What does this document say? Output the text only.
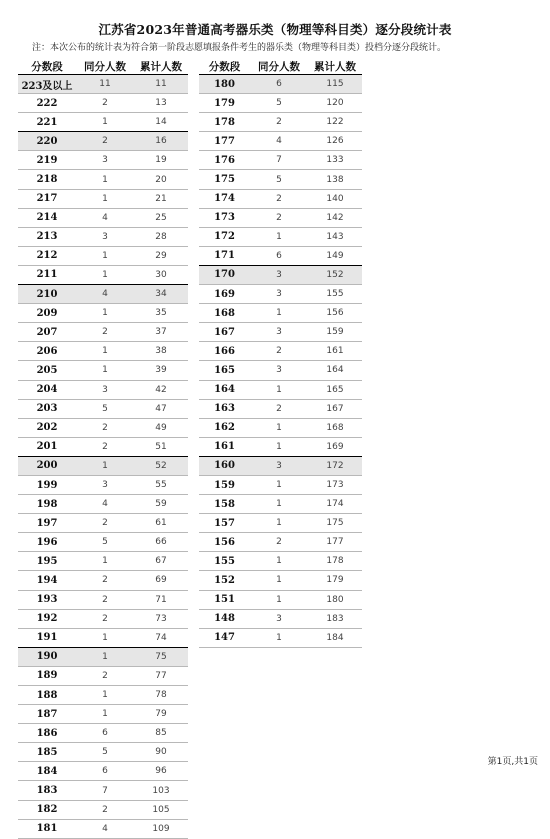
江苏省2023年普通高考器乐类（物理等科目类）逐分段统计表
注：本次公布的统计表为符合第一阶段志愿填报条件考生的器乐类（物理等科目类）投档分逐分段统计。
分数段	同分人数	累计人数
223及以上	11	11
222	2	13
221	1	14
220	2	16
219	3	19
218	1	20
217	1	21
214	4	25
213	3	28
212	1	29
211	1	30
210	4	34
209	1	35
207	2	37
206	1	38
205	1	39
204	3	42
203	5	47
202	2	49
201	2	51
200	1	52
199	3	55
198	4	59
197	2	61
196	5	66
195	1	67
194	2	69
193	2	71
192	2	73
191	1	74
190	1	75
189	2	77
188	1	78
187	1	79
186	6	85
185	5	90
184	6	96
183	7	103
182	2	105
181	4	109
分数段	同分人数	累计人数
180	6	115
179	5	120
178	2	122
177	4	126
176	7	133
175	5	138
174	2	140
173	2	142
172	1	143
171	6	149
170	3	152
169	3	155
168	1	156
167	3	159
166	2	161
165	3	164
164	1	165
163	2	167
162	1	168
161	1	169
160	3	172
159	1	173
158	1	174
157	1	175
156	2	177
155	1	178
152	1	179
151	1	180
148	3	183
147	1	184
第1页,共1页
